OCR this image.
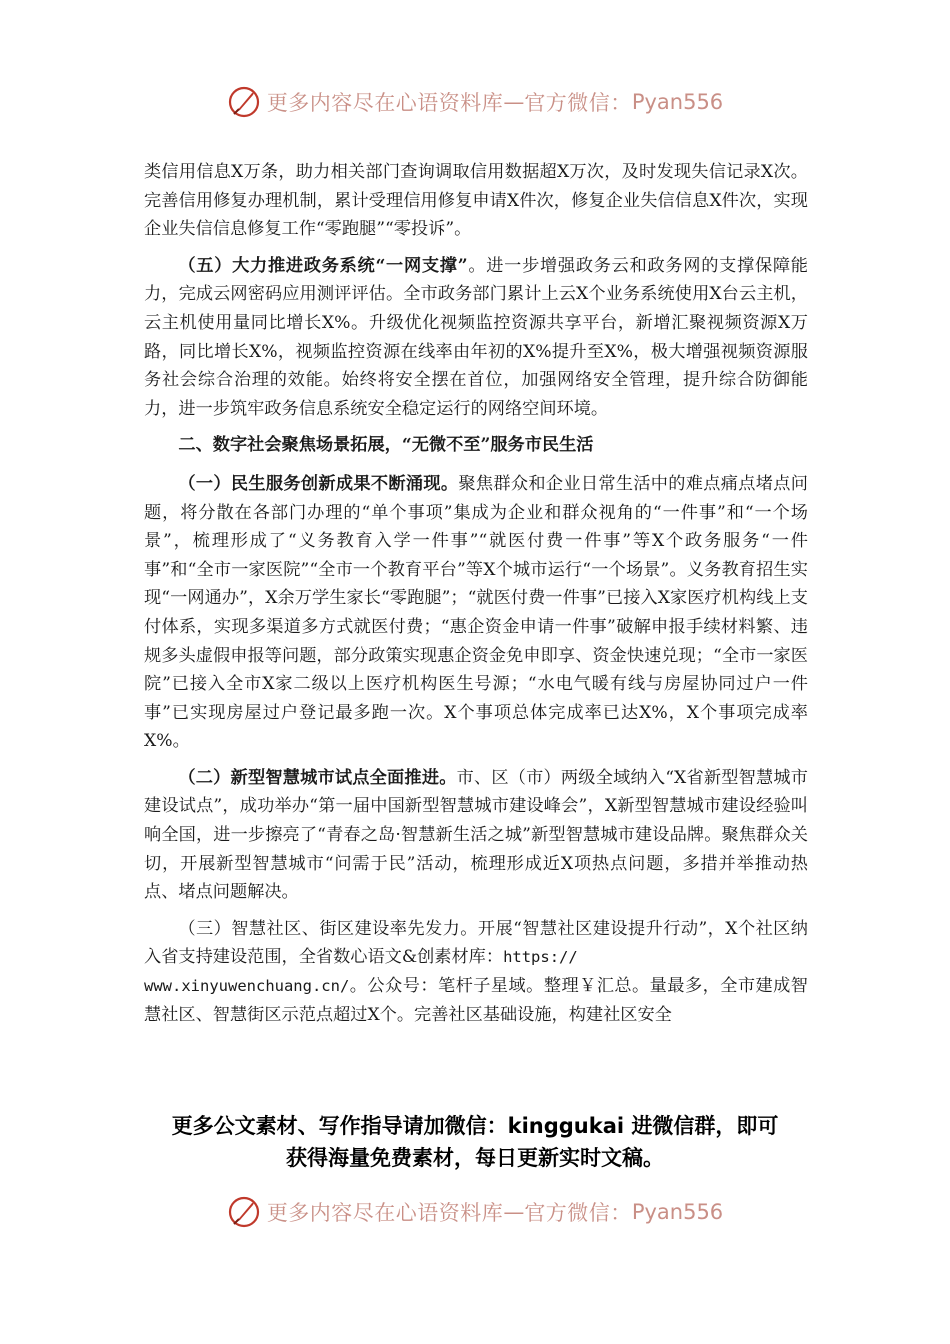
更多内容尽在心语资料库 — 官方微信： Pyan556

类信用信息X万条，助力相关部门查询调取信用数据超X万次，及时发现失信记录X次。完善信用修复办理机制，累计受理信用修复申请X件次，修复企业失信信息X件次，实现企业失信信息修复工作“零跑腿”“零投诉”。

（五）大力推进政务系统“一网支撑”。进一步增强政务云和政务网的支撑保障能力，完成云网密码应用测评评估。全市政务部门累计上云X个业务系统使用X台云主机，云主机使用量同比增长X%。升级优化视频监控资源共享平台，新增汇聚视频资源X万路，同比增长X%，视频监控资源在线率由年初的X%提升至X%，极大增强视频资源服务社会综合治理的效能。始终将安全摆在首位，加强网络安全管理，提升综合防御能力，进一步筑牢政务信息系统安全稳定运行的网络空间环境。

二、数字社会聚焦场景拓展，“无微不至”服务市民生活

（一）民生服务创新成果不断涌现。聚焦群众和企业日常生活中的难点痛点堵点问题，将分散在各部门办理的“单个事项”集成为企业和群众视角的“一件事”和“一个场景”，梳理形成了“义务教育入学一件事”“就医付费一件事”等X个政务服务“一件事”和“全市一家医院”“全市一个教育平台”等X个城市运行“一个场景”。义务教育招生实现“一网通办”，X余万学生家长“零跑腿”；“就医付费一件事”已接入X家医疗机构线上支付体系，实现多渠道多方式就医付费；“惠企资金申请一件事”破解申报手续材料繁、违规多头虚假申报等问题，部分政策实现惠企资金免申即享、资金快速兑现；“全市一家医院”已接入全市X家二级以上医疗机构医生号源；“水电气暖有线与房屋协同过户一件事”已实现房屋过户登记最多跑一次。X个事项总体完成率已达X%，X个事项完成率X%。

（二）新型智慧城市试点全面推进。市、区（市）两级全域纳入“X省新型智慧城市建设试点”，成功举办“第一届中国新型智慧城市建设峰会”，X新型智慧城市建设经验叫响全国，进一步擦亮了“青春之岛·智慧新生活之城”新型智慧城市建设品牌。聚焦群众关切，开展新型智慧城市“问需于民”活动，梳理形成近X项热点问题，多措并举推动热点、堵点问题解决。

（三）智慧社区、街区建设率先发力。开展“智慧社区建设提升行动”，X个社区纳入省支持建设范围，全省数心语文&创素材库：https://
www.xinyuwenchuang.cn/。公众号：笔杆子星域。整理￥汇总。量最多，全市建成智慧社区、智慧街区示范点超过X个。完善社区基础设施，构建社区安全

更多公文素材、写作指导请加微信：kinggukai 进微信群，即可
获得海量免费素材，每日更新实时文稿。
更多内容尽在心语资料库 — 官方微信： Pyan556
